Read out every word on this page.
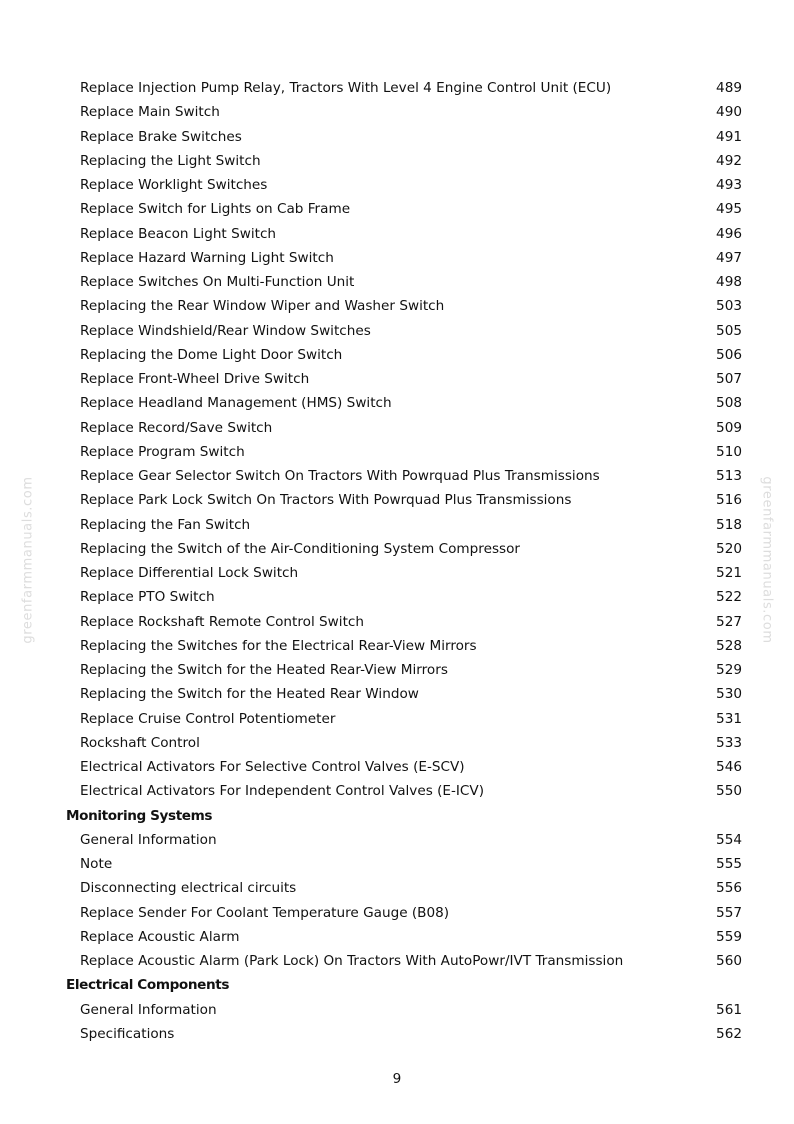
greenfarmmanuals.com	greenfarmmanuals.com
Replace Injection Pump Relay, Tractors With Level 4 Engine Control Unit (ECU)	489
Replace Main Switch	490
Replace Brake Switches	491
Replacing the Light Switch	492
Replace Worklight Switches	493
Replace Switch for Lights on Cab Frame	495
Replace Beacon Light Switch	496
Replace Hazard Warning Light Switch	497
Replace Switches On Multi-Function Unit	498
Replacing the Rear Window Wiper and Washer Switch	503
Replace Windshield/Rear Window Switches	505
Replacing the Dome Light Door Switch	506
Replace Front-Wheel Drive Switch	507
Replace Headland Management (HMS) Switch	508
Replace Record/Save Switch	509
Replace Program Switch	510
Replace Gear Selector Switch On Tractors With Powrquad Plus Transmissions	513
Replace Park Lock Switch On Tractors With Powrquad Plus Transmissions	516
Replacing the Fan Switch	518
Replacing the Switch of the Air-Conditioning System Compressor	520
Replace Differential Lock Switch	521
Replace PTO Switch	522
Replace Rockshaft Remote Control Switch	527
Replacing the Switches for the Electrical Rear-View Mirrors	528
Replacing the Switch for the Heated Rear-View Mirrors	529
Replacing the Switch for the Heated Rear Window	530
Replace Cruise Control Potentiometer	531
Rockshaft Control	533
Electrical Activators For Selective Control Valves (E-SCV)	546
Electrical Activators For Independent Control Valves (E-ICV)	550
Monitoring Systems
General Information	554
Note	555
Disconnecting electrical circuits	556
Replace Sender For Coolant Temperature Gauge (B08)	557
Replace Acoustic Alarm	559
Replace Acoustic Alarm (Park Lock) On Tractors With AutoPowr/IVT Transmission	560
Electrical Components
General Information	561
Specifications	562
9
